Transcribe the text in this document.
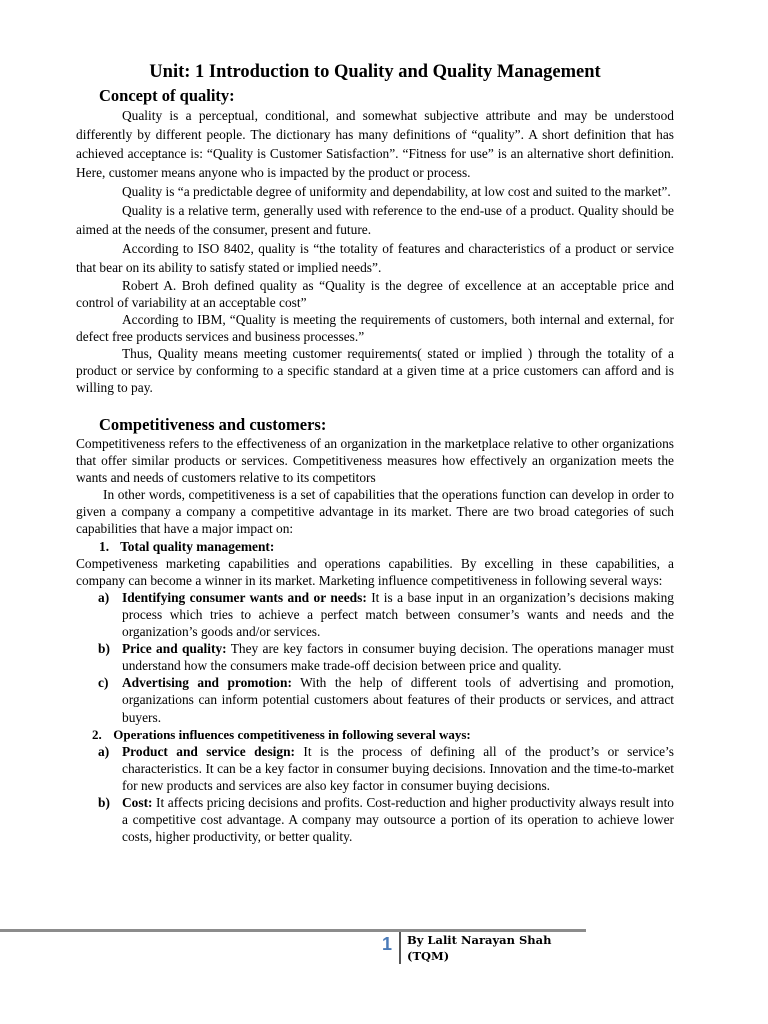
Unit: 1 Introduction to Quality and Quality Management
Concept of quality:

Quality is a perceptual, conditional, and somewhat subjective attribute and may be understood differently by different people. The dictionary has many definitions of “quality”. A short definition that has achieved acceptance is: “Quality is Customer Satisfaction”. “Fitness for use” is an alternative short definition. Here, customer means anyone who is impacted by the product or process.

Quality is “a predictable degree of uniformity and dependability, at low cost and suited to the market”.

Quality is a relative term, generally used with reference to the end-use of a product. Quality should be aimed at the needs of the consumer, present and future.

According to ISO 8402, quality is “the totality of features and characteristics of a product or service that bear on its ability to satisfy stated or implied needs”.

Robert A. Broh defined quality as “Quality is the degree of excellence at an acceptable price and control of variability at an acceptable cost”

According to IBM, “Quality is meeting the requirements of customers, both internal and external, for defect free products services and business processes.”

Thus, Quality means meeting customer requirements( stated or implied ) through the totality of a product or service by conforming to a specific standard at a given time at a price customers can afford and is willing to pay.

Competitiveness and customers:

Competitiveness refers to the effectiveness of an organization in the marketplace relative to other organizations that offer similar products or services. Competitiveness measures how effectively an organization meets the wants and needs of customers relative to its competitors

In other words, competitiveness is a set of capabilities that the operations function can develop in order to given a company a company a competitive advantage in its market. There are two broad categories of such capabilities that have a major impact on:

1. Total quality management:

Competiveness marketing capabilities and operations capabilities. By excelling in these capabilities, a company can become a winner in its market. Marketing influence competitiveness in following several ways:

a) Identifying consumer wants and or needs: It is a base input in an organization’s decisions making process which tries to achieve a perfect match between consumer’s wants and needs and the organization’s goods and/or services.
b) Price and quality: They are key factors in consumer buying decision. The operations manager must understand how the consumers make trade-off decision between price and quality.
c) Advertising and promotion: With the help of different tools of advertising and promotion, organizations can inform potential customers about features of their products or services, and attract buyers.
2. Operations influences competitiveness in following several ways:
a) Product and service design: It is the process of defining all of the product’s or service’s characteristics. It can be a key factor in consumer buying decisions. Innovation and the time-to-market for new products and services are also key factor in consumer buying decisions.
b) Cost: It affects pricing decisions and profits. Cost-reduction and higher productivity always result into a competitive cost advantage. A company may outsource a portion of its operation to achieve lower costs, higher productivity, or better quality.
1 By Lalit Narayan Shah
(TQM)
